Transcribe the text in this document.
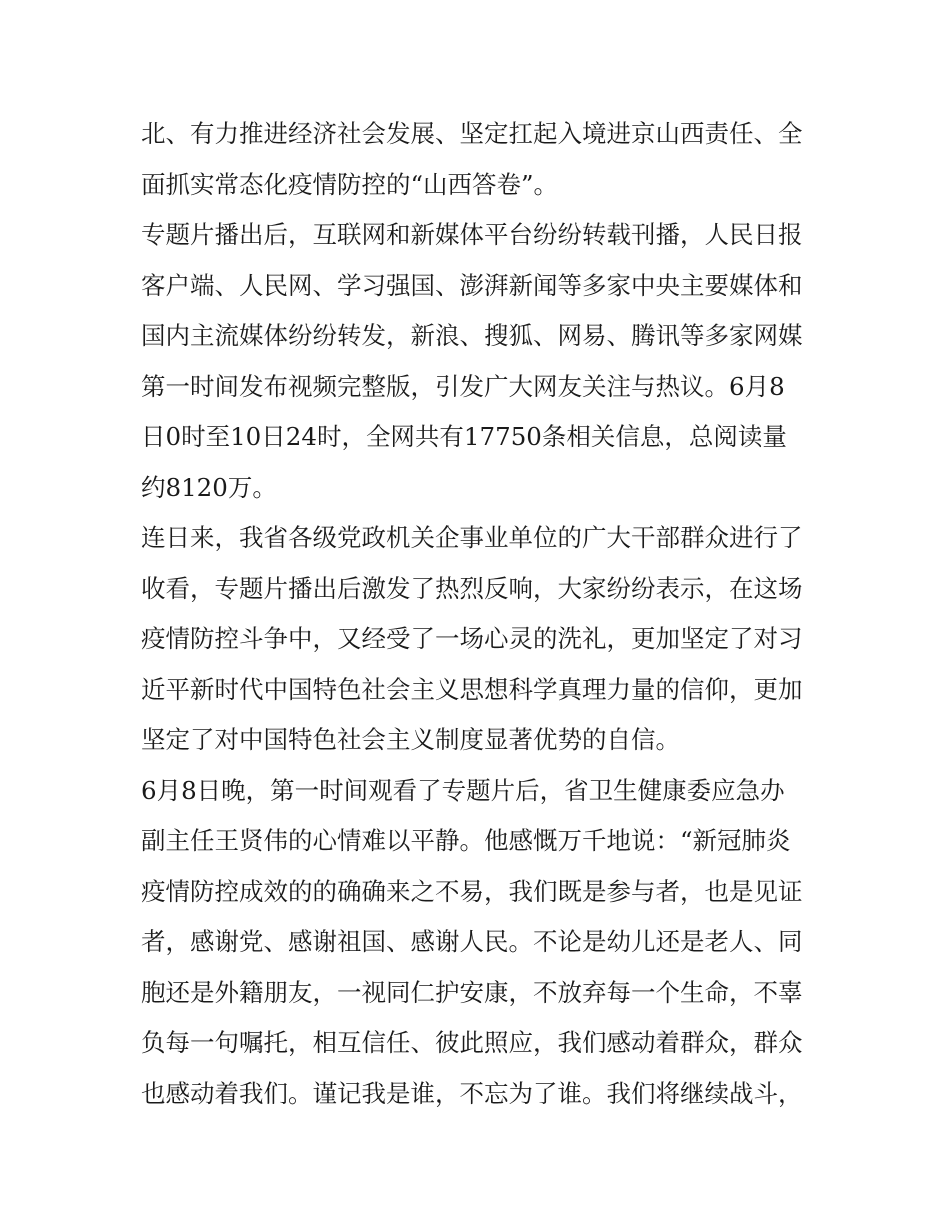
北、有力推进经济社会发展、坚定扛起入境进京山西责任、全
面抓实常态化疫情防控的“山西答卷”。
专题片播出后，互联网和新媒体平台纷纷转载刊播，人民日报
客户端、人民网、学习强国、澎湃新闻等多家中央主要媒体和
国内主流媒体纷纷转发，新浪、搜狐、网易、腾讯等多家网媒
第一时间发布视频完整版，引发广大网友关注与热议。6月8
日0时至10日24时，全网共有17750条相关信息，总阅读量
约8120万。
连日来，我省各级党政机关企事业单位的广大干部群众进行了
收看，专题片播出后激发了热烈反响，大家纷纷表示，在这场
疫情防控斗争中，又经受了一场心灵的洗礼，更加坚定了对习
近平新时代中国特色社会主义思想科学真理力量的信仰，更加
坚定了对中国特色社会主义制度显著优势的自信。
6月8日晚，第一时间观看了专题片后，省卫生健康委应急办
副主任王贤伟的心情难以平静。他感慨万千地说：“新冠肺炎
疫情防控成效的的确确来之不易，我们既是参与者，也是见证
者，感谢党、感谢祖国、感谢人民。不论是幼儿还是老人、同
胞还是外籍朋友，一视同仁护安康，不放弃每一个生命，不辜
负每一句嘱托，相互信任、彼此照应，我们感动着群众，群众
也感动着我们。谨记我是谁，不忘为了谁。我们将继续战斗，
